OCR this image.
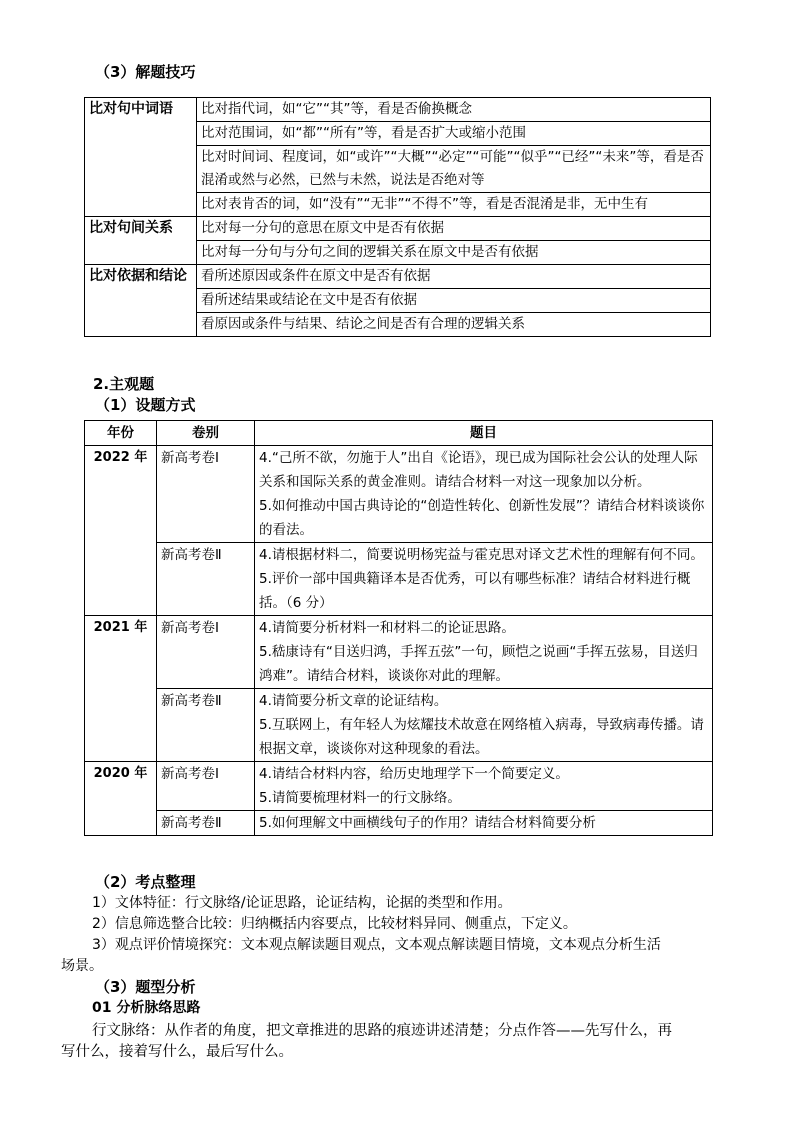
（3）解题技巧
比对句中词语	比对指代词，如“它”“其”等，看是否偷换概念
	比对范围词，如“都”“所有”等，看是否扩大或缩小范围
	比对时间词、程度词，如“或许”“大概”“必定”“可能”“似乎”“已经”“未来”等，看是否混淆或然与必然，已然与未然，说法是否绝对等
	比对表肯否的词，如“没有”“无非”“不得不”等，看是否混淆是非，无中生有
比对句间关系	比对每一分句的意思在原文中是否有依据
	比对每一分句与分句之间的逻辑关系在原文中是否有依据
比对依据和结论	看所述原因或条件在原文中是否有依据
	看所述结果或结论在文中是否有依据
	看原因或条件与结果、结论之间是否有合理的逻辑关系
2.主观题
（1）设题方式
年份	卷别	题目
2022 年	新高考卷Ⅰ	4.“己所不欲，勿施于人”出自《论语》，现已成为国际社会公认的处理人际关系和国际关系的黄金准则。请结合材料一对这一现象加以分析。
5.如何推动中国古典诗论的“创造性转化、创新性发展”？请结合材料谈谈你的看法。

	新高考卷Ⅱ	4.请根据材料二，简要说明杨宪益与霍克思对译文艺术性的理解有何不同。
5.评价一部中国典籍译本是否优秀，可以有哪些标准？请结合材料进行概括。（6 分）

2021 年	新高考卷Ⅰ	4.请简要分析材料一和材料二的论证思路。
5.嵇康诗有“目送归鸿，手挥五弦”一句，顾恺之说画“手挥五弦易，目送归鸿难”。请结合材料，谈谈你对此的理解。

	新高考卷Ⅱ	4.请简要分析文章的论证结构。
5.互联网上，有年轻人为炫耀技术故意在网络植入病毒，导致病毒传播。请根据文章，谈谈你对这种现象的看法。

2020 年	新高考卷Ⅰ	4.请结合材料内容，给历史地理学下一个简要定义。
5.请简要梳理材料一的行文脉络。

	新高考卷Ⅱ	5.如何理解文中画横线句子的作用？请结合材料简要分析
（2）考点整理
1）文体特征：行文脉络/论证思路，论证结构，论据的类型和作用。
2）信息筛选整合比较：归纳概括内容要点，比较材料异同、侧重点，下定义。
3）观点评价情境探究：文本观点解读题目观点，文本观点解读题目情境，文本观点分析生活
场景。
（3）题型分析
01 分析脉络思路
行文脉络：从作者的角度，把文章推进的思路的痕迹讲述清楚；分点作答——先写什么，再
写什么，接着写什么，最后写什么。
